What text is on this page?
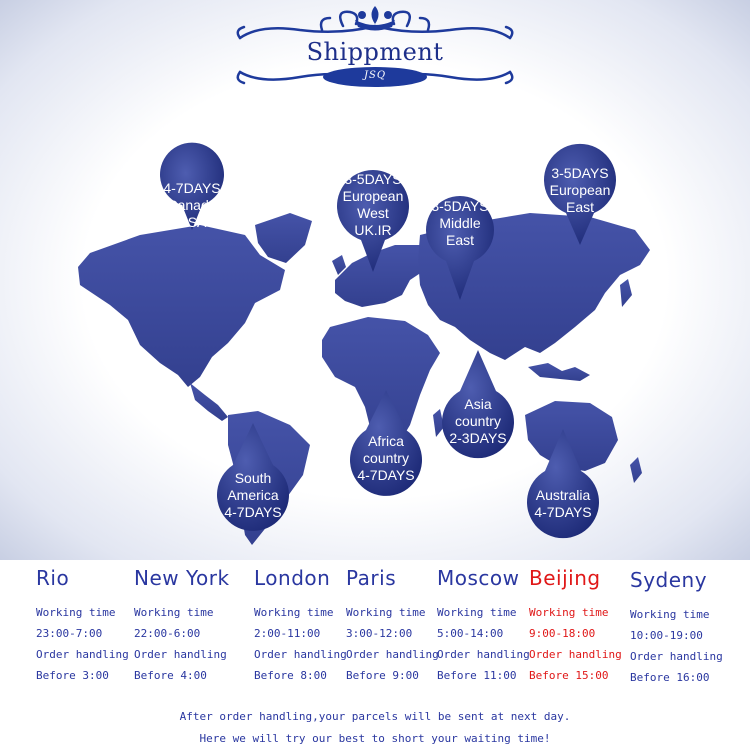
Shippment
JSQ
4-7DAYS
Canada
USA
3-5DAYS
European
West
UK.IR
3-5DAYS
Middle
East
3-5DAYS
European
East
Asia
country
2-3DAYS
Africa
country
4-7DAYS
South
America
4-7DAYS
Australia
4-7DAYS
Rio
Working time
23:00-7:00
Order handling
Before 3:00
New York
Working time
22:00-6:00
Order handling
Before 4:00
London
Working time
2:00-11:00
Order handling
Before 8:00
Paris
Working time
3:00-12:00
Order handling
Before 9:00
Moscow
Working time
5:00-14:00
Order handling
Before 11:00
Beijing
Working time
9:00-18:00
Order handling
Before 15:00
Sydeny
Working time
10:00-19:00
Order handling
Before 16:00
After order handling,your parcels will be sent at next day.
Here we will try our best to short your waiting time!
